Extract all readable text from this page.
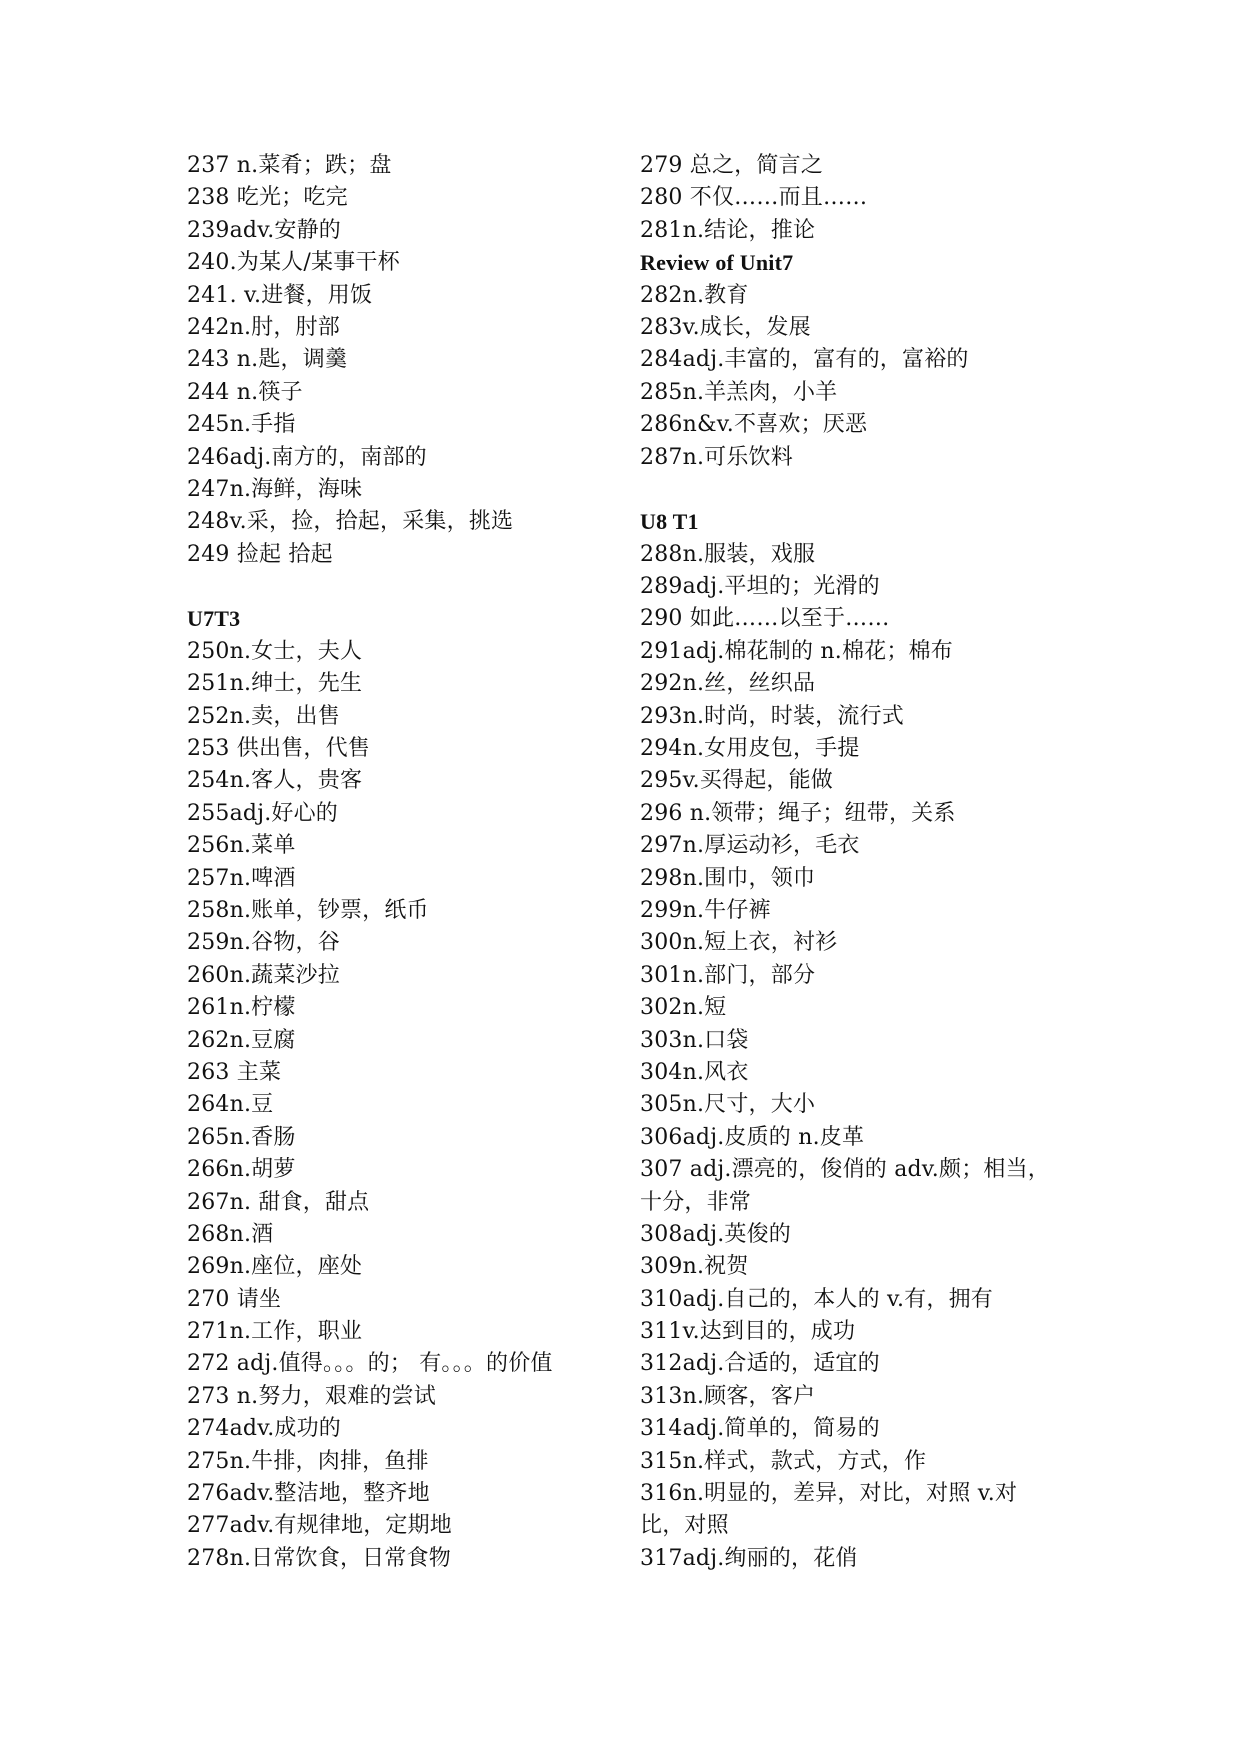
237 n.菜肴；跌；盘
238 吃光；吃完
239adv.安静的
240.为某人/某事干杯
241. v.进餐，用饭
242n.肘，肘部
243 n.匙，调羹
244 n.筷子
245n.手指
246adj.南方的，南部的
247n.海鲜，海味
248v.采，捡，拾起，采集，挑选
249 捡起 拾起
U7T3
250n.女士，夫人
251n.绅士，先生
252n.卖，出售
253 供出售，代售
254n.客人，贵客
255adj.好心的
256n.菜单
257n.啤酒
258n.账单，钞票，纸币
259n.谷物，谷
260n.蔬菜沙拉
261n.柠檬
262n.豆腐
263 主菜
264n.豆
265n.香肠
266n.胡萝
267n. 甜食，甜点
268n.酒
269n.座位，座处
270 请坐
271n.工作，职业
272 adj.值得。。。的； 有。。。的价值
273 n.努力，艰难的尝试
274adv.成功的
275n.牛排，肉排，鱼排
276adv.整洁地，整齐地
277adv.有规律地，定期地
278n.日常饮食，日常食物
279 总之，简言之
280 不仅……而且……
281n.结论，推论
Review of Unit7
282n.教育
283v.成长，发展
284adj.丰富的，富有的，富裕的
285n.羊羔肉，小羊
286n&v.不喜欢；厌恶
287n.可乐饮料
U8 T1
288n.服装，戏服
289adj.平坦的；光滑的
290 如此……以至于……
291adj.棉花制的 n.棉花；棉布
292n.丝，丝织品
293n.时尚，时装，流行式
294n.女用皮包，手提
295v.买得起，能做
296 n.领带；绳子；纽带，关系
297n.厚运动衫，毛衣
298n.围巾，领巾
299n.牛仔裤
300n.短上衣，衬衫
301n.部门，部分
302n.短
303n.口袋
304n.风衣
305n.尺寸，大小
306adj.皮质的 n.皮革
307 adj.漂亮的，俊俏的 adv.颇；相当，十分，非常
308adj.英俊的
309n.祝贺
310adj.自己的，本人的 v.有，拥有
311v.达到目的，成功
312adj.合适的，适宜的
313n.顾客，客户
314adj.简单的，简易的
315n.样式，款式，方式，作
316n.明显的，差异，对比，对照 v.对比，对照
317adj.绚丽的，花俏
